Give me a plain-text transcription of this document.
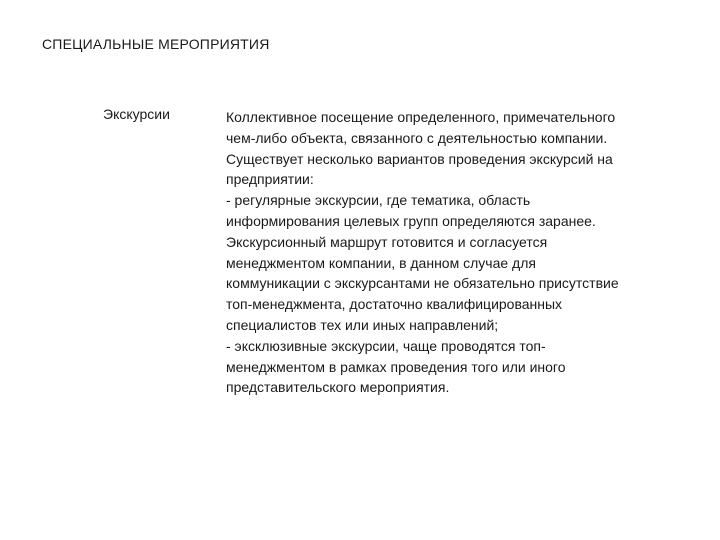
СПЕЦИАЛЬНЫЕ МЕРОПРИЯТИЯ
Экскурсии	Коллективное посещение определенного, примечательного
чем-либо объекта, связанного с деятельностью компании.
Существует несколько вариантов проведения экскурсий на
предприятии:
- регулярные экскурсии, где тематика, область
информирования целевых групп определяются заранее.
Экскурсионный маршрут готовится и согласуется
менеджментом компании, в данном случае для
коммуникации с экскурсантами не обязательно присутствие
топ-менеджмента, достаточно квалифицированных
специалистов тех или иных направлений;
- эксклюзивные экскурсии, чаще проводятся топ-
менеджментом в рамках проведения того или иного
представительского мероприятия.
